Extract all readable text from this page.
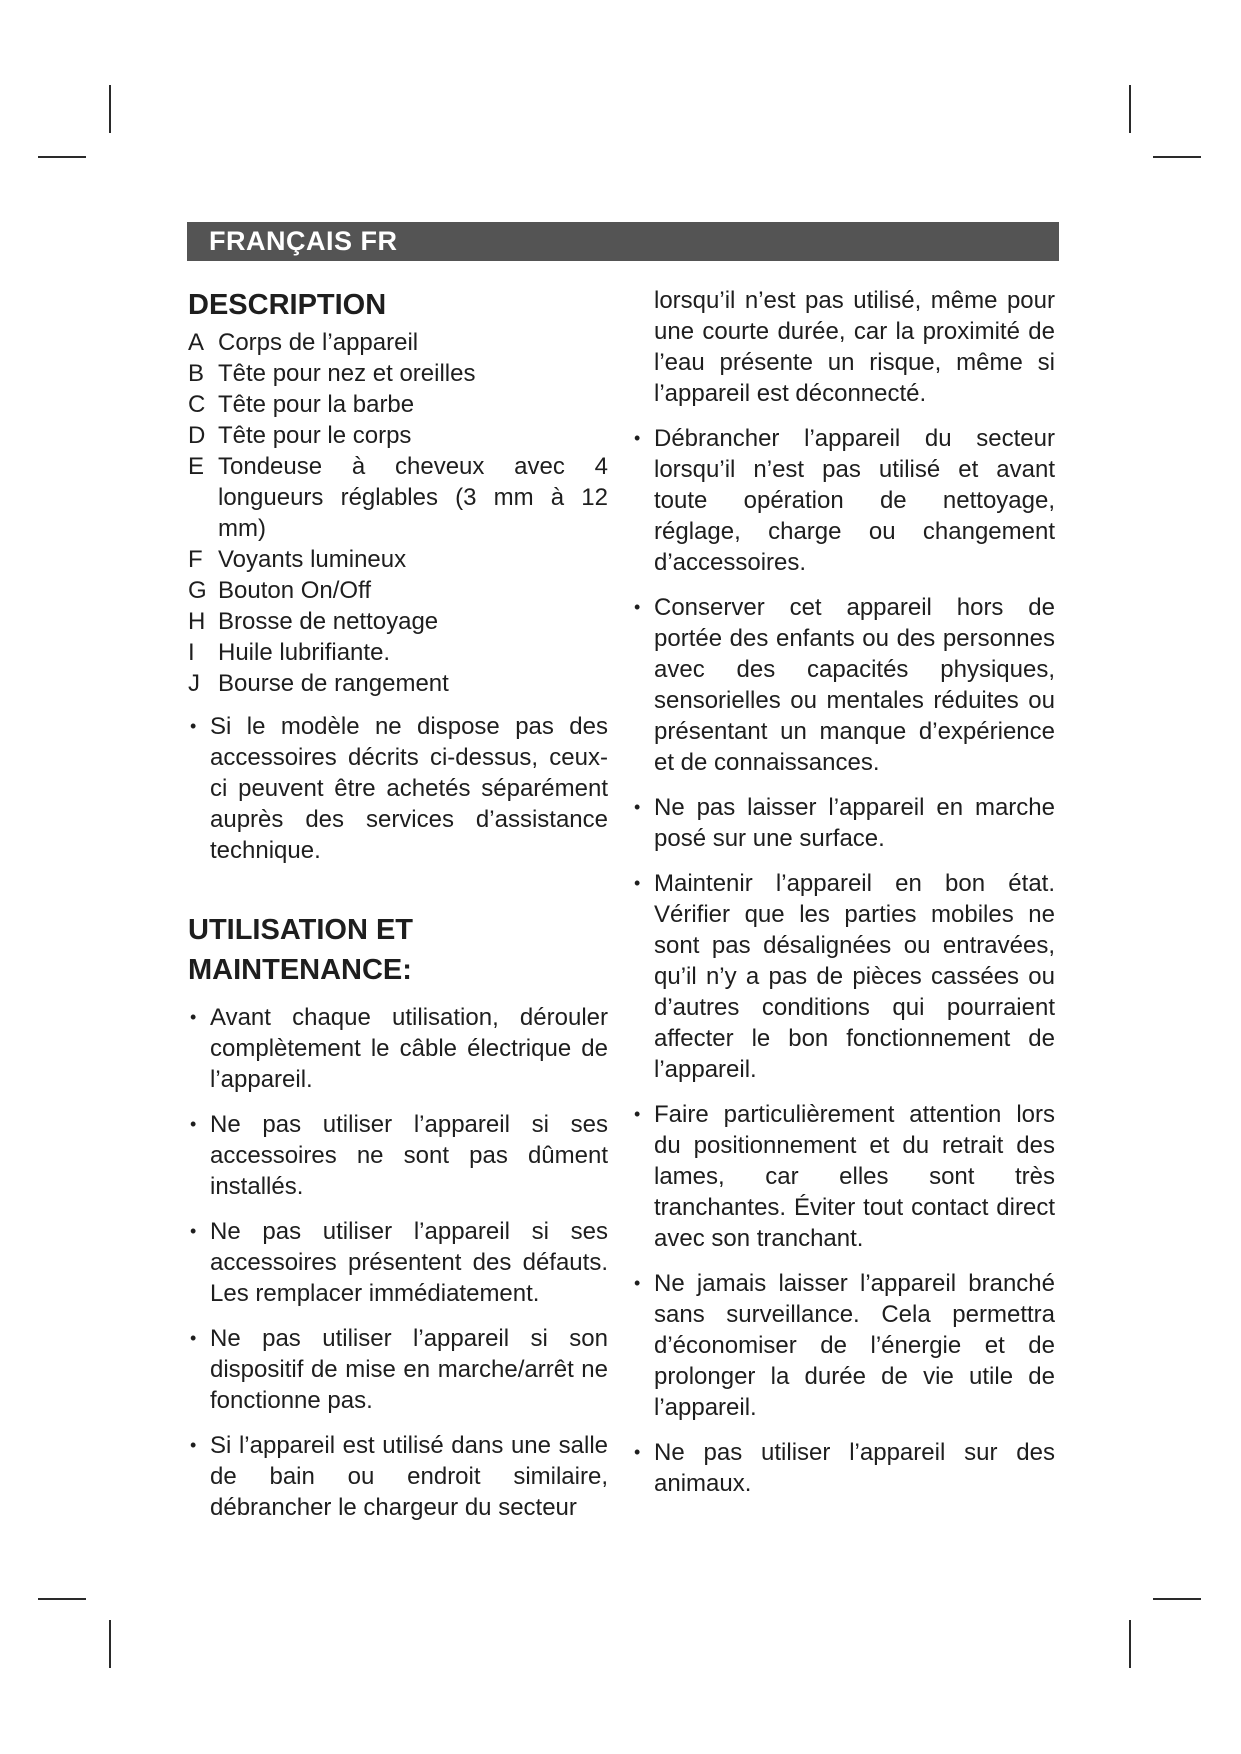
FRANÇAIS FR
DESCRIPTION
A Corps de l’appareil
B Tête pour nez et oreilles
C Tête pour la barbe
D Tête pour le corps
E Tondeuse à cheveux avec 4 longueurs réglables (3 mm à 12 mm)
F Voyants lumineux
G Bouton On/Off
H Brosse de nettoyage
I Huile lubrifiante.
J Bourse de rangement
• Si le modèle ne dispose pas des accessoires décrits ci-dessus, ceux-ci peuvent être achetés séparément auprès des services d’assistance technique.
UTILISATION ET MAINTENANCE:
• Avant chaque utilisation, dérouler complètement le câble électrique de l’appareil.
• Ne pas utiliser l’appareil si ses accessoires ne sont pas dûment installés.
• Ne pas utiliser l’appareil si ses accessoires présentent des défauts. Les remplacer immédiatement.
• Ne pas utiliser l’appareil si son dispositif de mise en marche/arrêt ne fonctionne pas.
• Si l’appareil est utilisé dans une salle de bain ou endroit similaire, débrancher le chargeur du secteur
lorsqu’il n’est pas utilisé, même pour une courte durée, car la proximité de l’eau présente un risque, même si l’appareil est déconnecté.
• Débrancher l’appareil du secteur lorsqu’il n’est pas utilisé et avant toute opération de nettoyage, réglage, charge ou changement d’accessoires.
• Conserver cet appareil hors de portée des enfants ou des personnes avec des capacités physiques, sensorielles ou mentales réduites ou présentant un manque d’expérience et de connaissances.
• Ne pas laisser l’appareil en marche posé sur une surface.
• Maintenir l’appareil en bon état. Vérifier que les parties mobiles ne sont pas désalignées ou entravées, qu’il n’y a pas de pièces cassées ou d’autres conditions qui pourraient affecter le bon fonctionnement de l’appareil.
• Faire particulièrement attention lors du positionnement et du retrait des lames, car elles sont très tranchantes. Éviter tout contact direct avec son tranchant.
• Ne jamais laisser l’appareil branché sans surveillance. Cela permettra d’économiser de l’énergie et de prolonger la durée de vie utile de l’appareil.
• Ne pas utiliser l’appareil sur des animaux.
